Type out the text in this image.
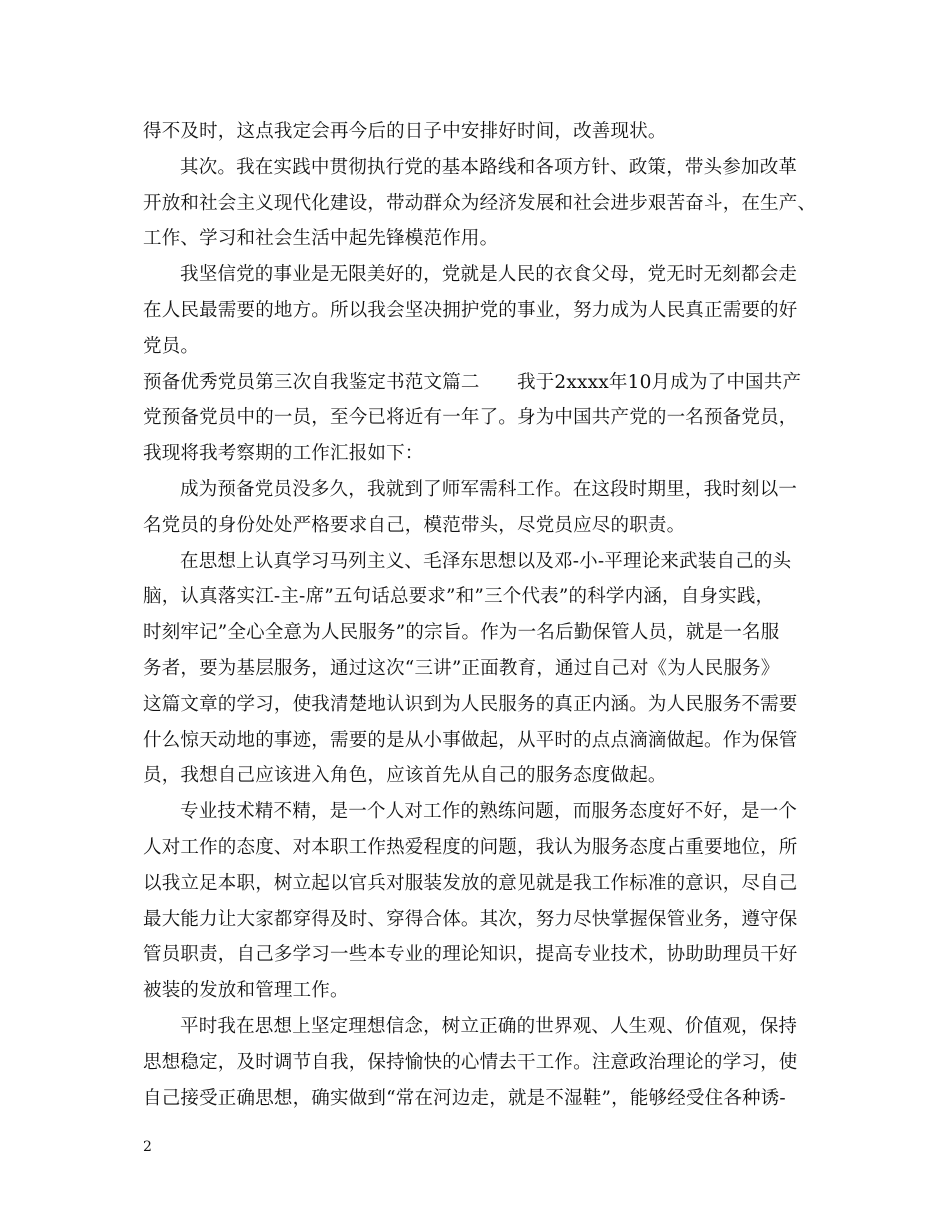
得不及时，这点我定会再今后的日子中安排好时间，改善现状。
其次。我在实践中贯彻执行党的基本路线和各项方针、政策，带头参加改革
开放和社会主义现代化建设，带动群众为经济发展和社会进步艰苦奋斗，在生产、
工作、学习和社会生活中起先锋模范作用。
我坚信党的事业是无限美好的，党就是人民的衣食父母，党无时无刻都会走
在人民最需要的地方。所以我会坚决拥护党的事业，努力成为人民真正需要的好
党员。
预备优秀党员第三次自我鉴定书范文篇二　　我于2xxxx年10月成为了中国共产
党预备党员中的一员，至今已将近有一年了。身为中国共产党的一名预备党员，
我现将我考察期的工作汇报如下：
成为预备党员没多久，我就到了师军需科工作。在这段时期里，我时刻以一
名党员的身份处处严格要求自己，模范带头，尽党员应尽的职责。
在思想上认真学习马列主义、毛泽东思想以及邓-小-平理论来武装自己的头
脑，认真落实江-主-席”五句话总要求”和”三个代表”的科学内涵，自身实践，
时刻牢记”全心全意为人民服务”的宗旨。作为一名后勤保管人员，就是一名服
务者，要为基层服务，通过这次“三讲”正面教育，通过自己对《为人民服务》
这篇文章的学习，使我清楚地认识到为人民服务的真正内涵。为人民服务不需要
什么惊天动地的事迹，需要的是从小事做起，从平时的点点滴滴做起。作为保管
员，我想自己应该进入角色，应该首先从自己的服务态度做起。
专业技术精不精，是一个人对工作的熟练问题，而服务态度好不好，是一个
人对工作的态度、对本职工作热爱程度的问题，我认为服务态度占重要地位，所
以我立足本职，树立起以官兵对服装发放的意见就是我工作标准的意识，尽自己
最大能力让大家都穿得及时、穿得合体。其次，努力尽快掌握保管业务，遵守保
管员职责，自己多学习一些本专业的理论知识，提高专业技术，协助助理员干好
被装的发放和管理工作。
平时我在思想上坚定理想信念，树立正确的世界观、人生观、价值观，保持
思想稳定，及时调节自我，保持愉快的心情去干工作。注意政治理论的学习，使
自己接受正确思想，确实做到“常在河边走，就是不湿鞋”，能够经受住各种诱-
2
